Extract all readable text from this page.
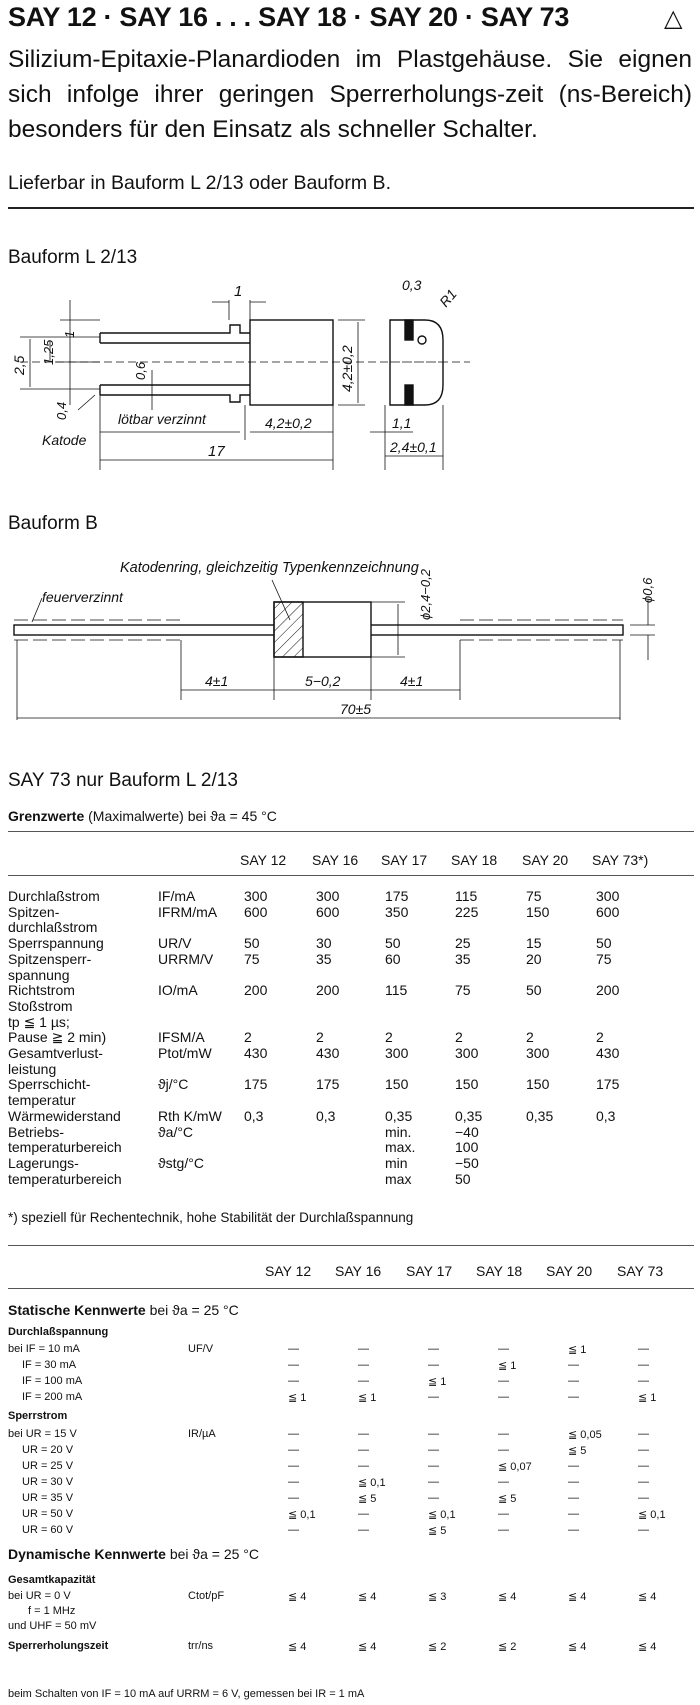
SAY 12 · SAY 16 . . . SAY 18 · SAY 20 · SAY 73	△
Silizium-Epitaxie-Planardioden im Plastgehäuse. Sie eignen sich infolge ihrer geringen Sperrerholungs-zeit (ns-Bereich) besonders für den Einsatz als schneller Schalter.
Lieferbar in Bauform L 2/13 oder Bauform B.
Bauform L 2/13
1	0,3
R1
4,2±0,2
2,5
1,25
1
0,6
0,4	lötbar verzinnt	4,2±0,2
Katode
17
1,1
2,4±0,1
Bauform B
Katodenring, gleichzeitig Typenkennzeichnung
feuerverzinnt	ϕ2,4−0,2	ϕ0,6
4±1	5−0,2	4±1
70±5
SAY 73 nur Bauform L 2/13
Grenzwerte (Maximalwerte) bei ϑa = 45 °C
SAY 12 SAY 16 SAY 17 SAY 18 SAY 20 SAY 73*)
Durchlaßstrom	IF/mA	300	300	175	115	75	300
Spitzen-	IFRM/mA 600	600	350	225	150	600
durchlaßstrom
Sperrspannung	UR/V	50	30	50	25	15	50
Spitzensperr-	URRM/V 75	35	60	35	20	75
spannung
Richtstrom	IO/mA	200	200	115	75	50	200
Stoßstrom
tp ≦ 1 µs;
Pause ≧ 2 min)	IFSM/A	2	2	2	2	2	2
Gesamtverlust-	Ptot/mW 430	430	300	300	300	430
leistung
Sperrschicht-	ϑj/°C	175	175	150	150	150	175
temperatur
Wärmewiderstand	Rth K/mW 0,3	0,3	0,35	0,35	0,35	0,3
Betriebs-	ϑa/°C	min.	−40
temperaturbereich	max.	100
Lagerungs-	ϑstg/°C	min	−50
temperaturbereich	max	50
*) speziell für Rechentechnik, hohe Stabilität der Durchlaßspannung
SAY 12 SAY 16 SAY 17 SAY 18 SAY 20 SAY 73
Statische Kennwerte bei ϑa = 25 °C
Durchlaßspannung
bei IF = 10 mA	UF/V	—	—	—	—	≦ 1	—
IF = 30 mA	—	—	—	≦ 1	—	—
IF = 100 mA	—	—	≦ 1	—	—	—
IF = 200 mA	≦ 1	≦ 1	—	—	—	≦ 1
Sperrstrom
bei UR = 15 V	IR/µA	—	—	—	—	≦ 0,05	—
UR = 20 V	—	—	—	—	≦ 5	—
UR = 25 V	—	—	—	≦ 0,07	—	—
UR = 30 V	—	≦ 0,1	—	—	—	—
UR = 35 V	—	≦ 5	—	≦ 5	—	—
UR = 50 V	≦ 0,1	—	≦ 0,1	—	—	≦ 0,1
UR = 60 V	—	—	≦ 5	—	—	—
Gesamtkapazität
bei UR = 0 V	Ctot/pF	≦ 4	≦ 4	≦ 3	≦ 4	≦ 4	≦ 4
f = 1 MHz
und UHF = 50 mV
Sperrerholungszeit	trr/ns	≦ 4	≦ 4	≦ 2	≦ 2	≦ 4	≦ 4
Dynamische Kennwerte bei ϑa = 25 °C
beim Schalten von IF = 10 mA auf URRM = 6 V, gemessen bei IR = 1 mA
